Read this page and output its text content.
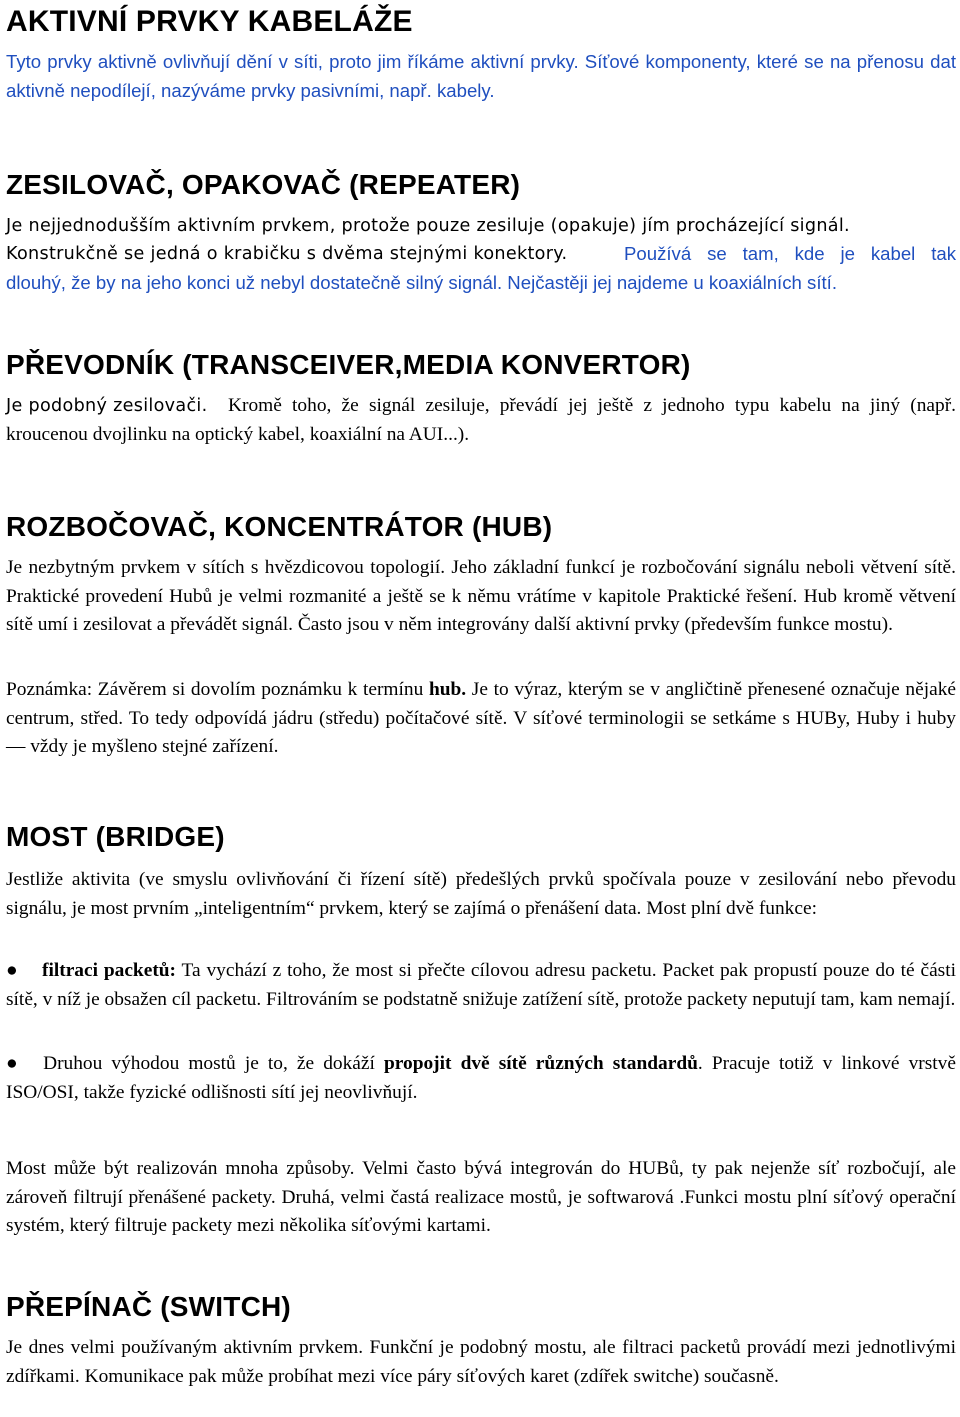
AKTIVNÍ PRVKY KABELÁŽE

Tyto prvky aktivně ovlivňují dění v síti, proto jim říkáme aktivní prvky. Síťové komponenty, které se na přenosu dat aktivně nepodílejí, nazýváme prvky pasivními, např. kabely.

ZESILOVAČ, OPAKOVAČ (REPEATER)

Je nejjednodušším aktivním prvkem, protože pouze zesiluje (opakuje) jím procházející signál.

Konstrukčně se jedná o krabičku s dvěma stejnými konektory.	Používá se tam, kde je kabel tak dlouhý, že by na jeho konci už nebyl dostatečně silný signál. Nejčastěji jej najdeme u koaxiálních sítí.

PŘEVODNÍK (TRANSCEIVER,MEDIA KONVERTOR)

Je podobný zesilovači.	Kromě toho, že signál zesiluje, převádí jej ještě z jednoho typu kabelu na jiný (např. kroucenou dvojlinku na optický kabel, koaxiální na AUI...).

ROZBOČOVAČ, KONCENTRÁTOR (HUB)

Je nezbytným prvkem v sítích s hvězdicovou topologií. Jeho základní funkcí je rozbočování signálu neboli větvení sítě. Praktické provedení Hubů je velmi rozmanité a ještě se k němu vrátíme v kapitole Praktické řešení. Hub kromě větvení sítě umí i zesilovat a převádět signál. Často jsou v něm integrovány další aktivní prvky (především funkce mostu).

Poznámka: Závěrem si dovolím poznámku k termínu hub. Je to výraz, kterým se v angličtině přenesené označuje nějaké centrum, střed. To tedy odpovídá jádru (středu) počítačové sítě. V síťové terminologii se setkáme s HUBy, Huby i huby — vždy je myšleno stejné zařízení.

MOST (BRIDGE)

Jestliže aktivita (ve smyslu ovlivňování či řízení sítě) předešlých prvků spočívala pouze v zesilování nebo převodu signálu, je most prvním „inteligentním“ prvkem, který se zajímá o přenášení data. Most plní dvě funkce:

● filtraci packetů: Ta vychází z toho, že most si přečte cílovou adresu packetu. Packet pak propustí pouze do té části sítě, v níž je obsažen cíl packetu. Filtrováním se podstatně snižuje zatížení sítě, protože packety neputují tam, kam nemají.

● Druhou výhodou mostů je to, že dokáží propojit dvě sítě různých standardů. Pracuje totiž v linkové vrstvě ISO/OSI, takže fyzické odlišnosti sítí jej neovlivňují.

Most může být realizován mnoha způsoby. Velmi často bývá integrován do HUBů, ty pak nejenže síť rozbočují, ale zároveň filtrují přenášené packety. Druhá, velmi častá realizace mostů, je softwarová .Funkci mostu plní síťový operační systém, který filtruje packety mezi několika síťovými kartami.

PŘEPÍNAČ (SWITCH)

Je dnes velmi používaným aktivním prvkem. Funkční je podobný mostu, ale filtraci packetů provádí mezi jednotlivými zdířkami. Komunikace pak může probíhat mezi více páry síťových karet (zdířek switche) současně.
